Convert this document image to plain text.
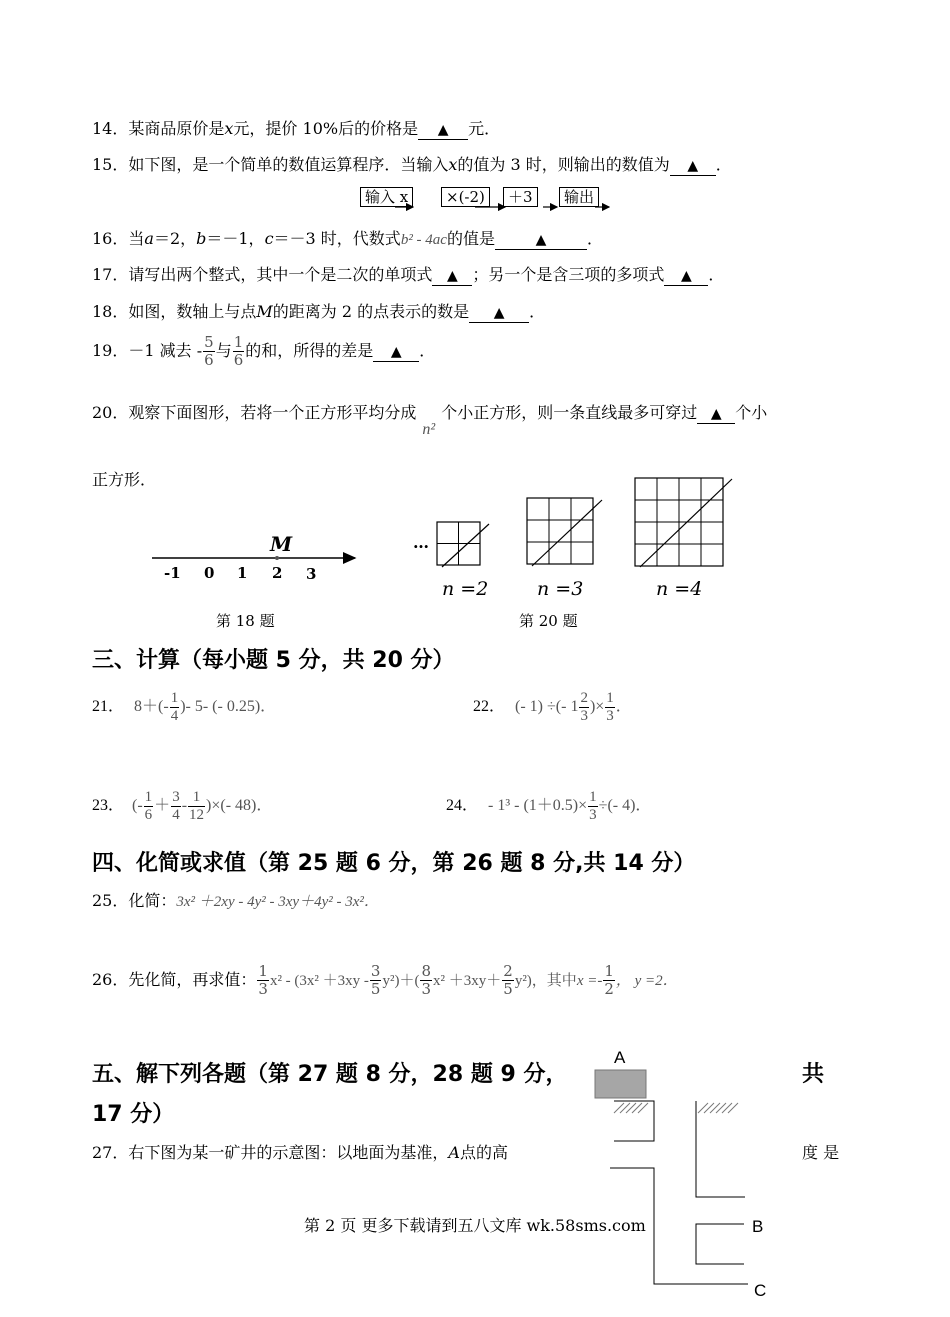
14．某商品原价是x元，提价 10%后的价格是 ▲ 元．
15．如下图，是一个简单的数值运算程序．当输入x的值为 3 时，则输出的数值为 ▲ ．
输入 x	×(-2)	＋3	输出
16．当a＝2，b＝－1，c＝－3 时，代数式b² - 4ac的值是	▲	．
17．请写出两个整式，其中一个是二次的单项式 ▲ ；另一个是含三项的多项式 ▲ ．
18．如图，数轴上与点M的距离为 2 的点表示的数是 ▲ ．
19．－1 减去 - $\frac{5}{6}$ 与 $\frac{1}{6}$ 的和，所得的差是 ▲ ．
20．观察下面图形，若将一个正方形平均分成n²个小正方形，则一条直线最多可穿过 ▲ 个小
正方形．
M
-1 0 1 2 3
第 18 题
…
n =2	n =3	n =4
第 20 题
三、计算（每小题 5 分，共 20 分）
21． $8+(- \frac{1}{4}$ )- 5- (- 0.25)．	22． (- 1) ÷(- $1 \frac{2}{3}$ )× $\frac{1}{3}$ ．
23． (- $\frac{1}{6} + \frac{3}{4} - \frac{1}{12}$ )×(- 48)．	24． - $1^3 - (1+0.5)\times \frac{1}{3}$ ÷(- 4)．
四、化简或求值（第 25 题 6 分，第 26 题 8 分,共 14 分）
25．化简：3x² ＋2xy - 4y² - 3xy＋4y² - 3x²．
26．先化简，再求值： $\frac{1}{3} x^2 - (3x^2 +3xy - \frac{3}{5} y^2)+( \frac{8}{3} x^2 +3xy+ \frac{2}{5} y^2)$，其中$x =- \frac{1}{2}$ ， y =2．
五、解下列各题（第 27 题 8 分，28 题 9 分，	共
17 分）
27．右下图为某一矿井的示意图：以地面为基准，A点的高	度 是
A
B
C
第 2 页 更多下载请到五八文库 wk.58sms.com
